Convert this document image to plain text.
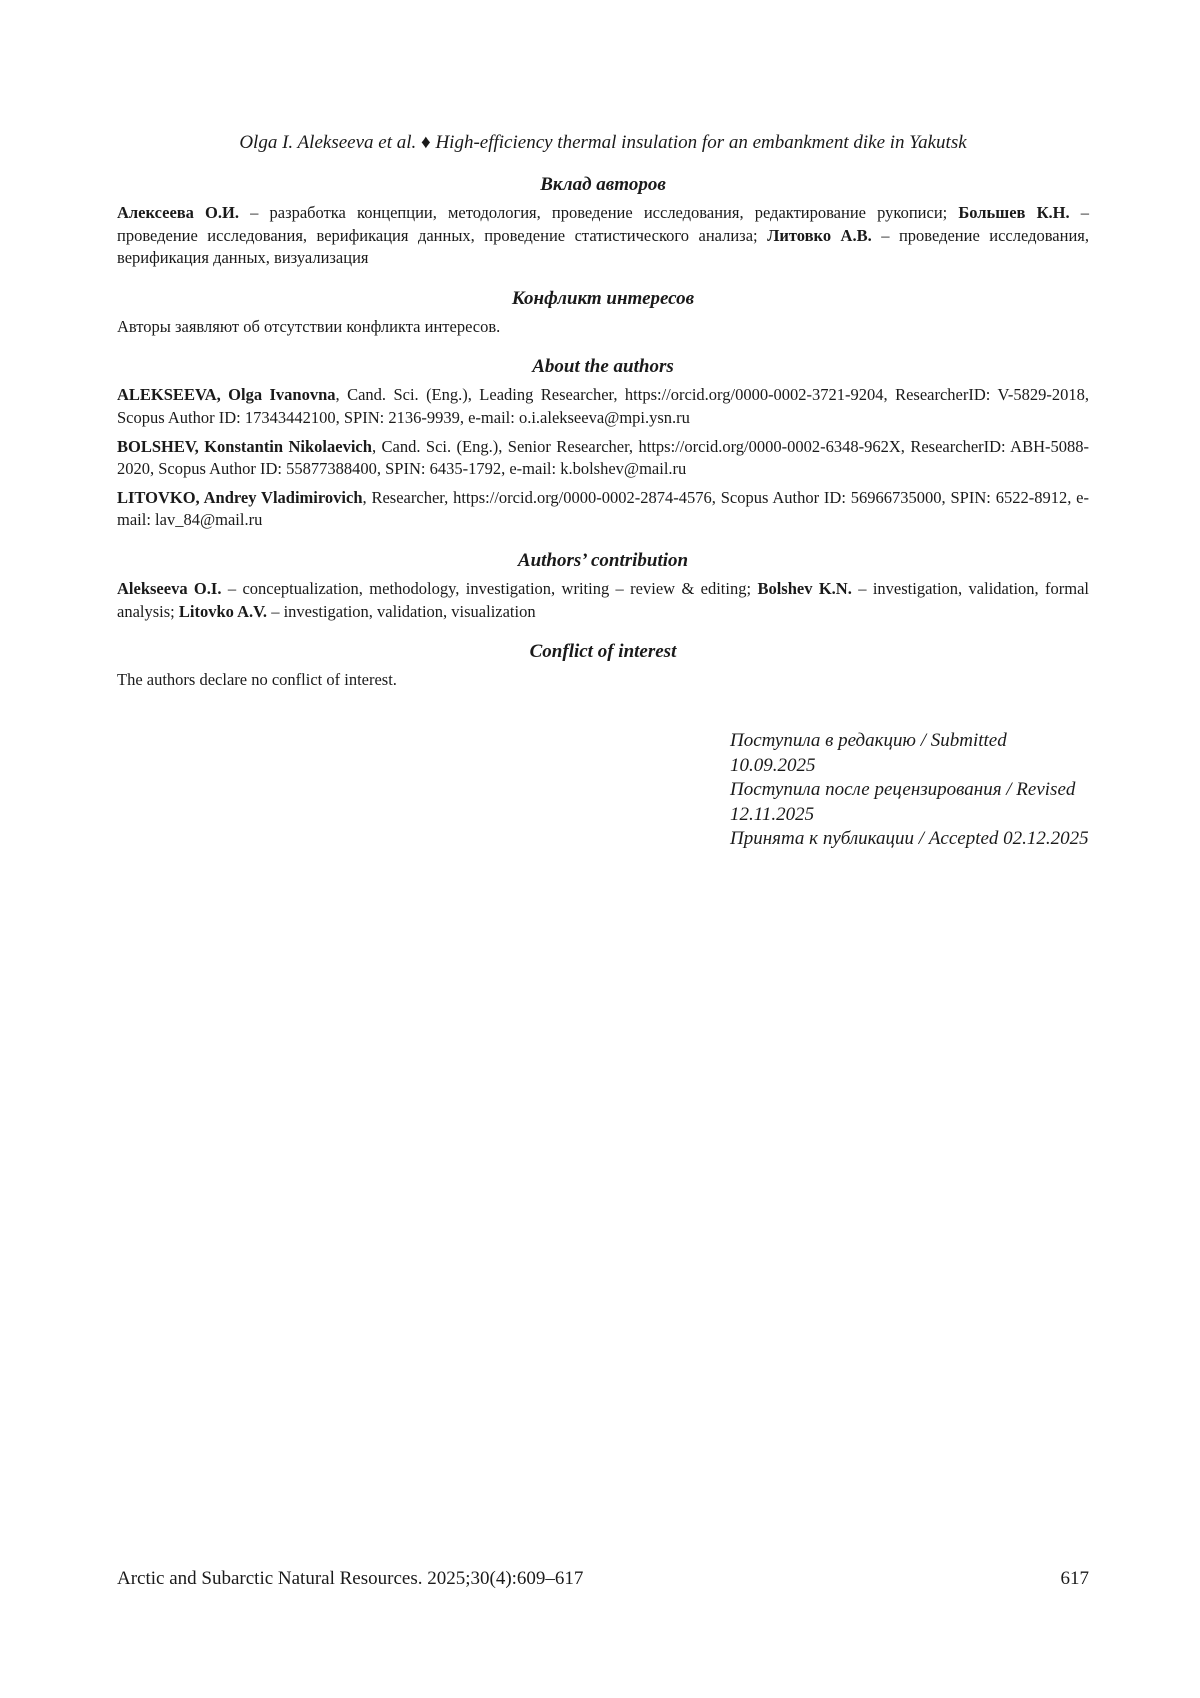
Olga I. Alekseeva et al. ♦ High-efficiency thermal insulation for an embankment dike in Yakutsk
Вклад авторов

Алексеева О.И. – разработка концепции, методология, проведение исследования, редактирование рукописи; Большев К.Н. – проведение исследования, верификация данных, проведение статистического анализа; Литовко А.В. – проведение исследования, верификация данных, визуализация

Конфликт интересов

Авторы заявляют об отсутствии конфликта интересов.

About the authors

ALEKSEEVA, Olga Ivanovna, Cand. Sci. (Eng.), Leading Researcher, https://orcid.org/0000-0002-3721-9204, ResearcherID: V-5829-2018, Scopus Author ID: 17343442100, SPIN: 2136-9939, e-mail: o.i.alekseeva@mpi.ysn.ru

BOLSHEV, Konstantin Nikolaevich, Cand. Sci. (Eng.), Senior Researcher, https://orcid.org/0000-0002-6348-962X, ResearcherID: ABH-5088-2020, Scopus Author ID: 55877388400, SPIN: 6435-1792, e-mail: k.bolshev@mail.ru

LITOVKO, Andrey Vladimirovich, Researcher, https://orcid.org/0000-0002-2874-4576, Scopus Author ID: 56966735000, SPIN: 6522-8912, e-mail: lav_84@mail.ru

Authors’ contribution

Alekseeva O.I. – conceptualization, methodology, investigation, writing – review & editing; Bolshev K.N. – investigation, validation, formal analysis; Litovko A.V. – investigation, validation, visualization

Conflict of interest

The authors declare no conflict of interest.

Поступила в редакцию / Submitted 10.09.2025
Поступила после рецензирования / Revised 12.11.2025
Принята к публикации / Accepted 02.12.2025
Arctic and Subarctic Natural Resources. 2025;30(4):609–617	617
